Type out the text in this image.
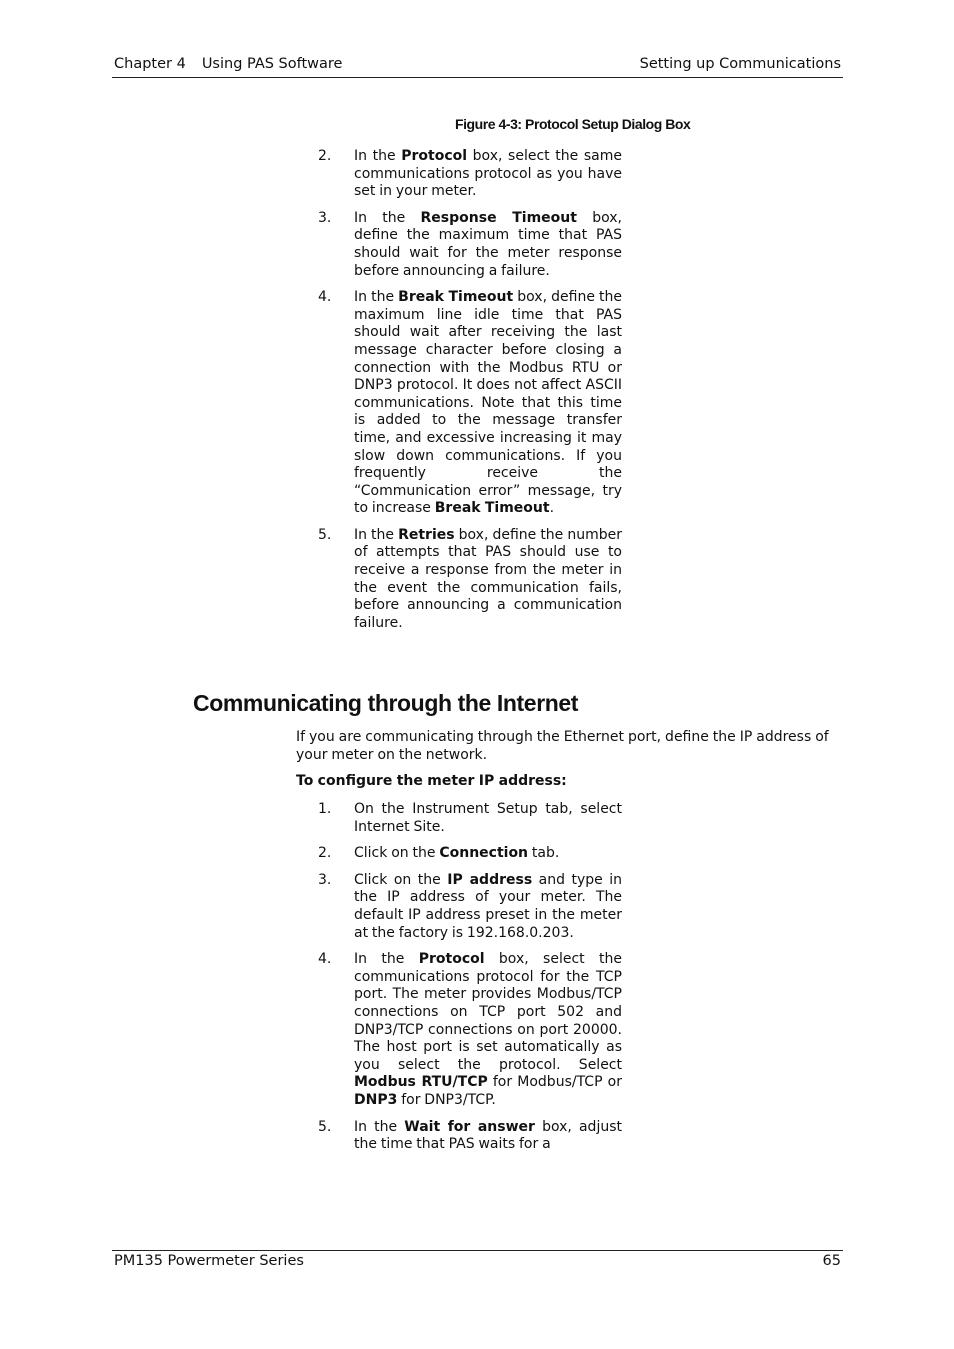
Chapter 4 Using PAS Software	Setting up Communications
Figure 4-3: Protocol Setup Dialog Box
2. In the Protocol box, select the same communications protocol as you have set in your meter.
3. In the Response Timeout box, define the maximum time that PAS should wait for the meter response before announcing a failure.
4. In the Break Timeout box, define the maximum line idle time that PAS should wait after receiving the last message character before closing a connection with the Modbus RTU or DNP3 protocol. It does not affect ASCII communications. Note that this time is added to the message transfer time, and excessive increasing it may slow down communications. If you frequently receive the “Communication error” message, try to increase Break Timeout.
5. In the Retries box, define the number of attempts that PAS should use to receive a response from the meter in the event the communication fails, before announcing a communication failure.
Communicating through the Internet
If you are communicating through the Ethernet port, define the IP address of your meter on the network.
To configure the meter IP address:
1. On the Instrument Setup tab, select Internet Site.
2. Click on the Connection tab.
3. Click on the IP address and type in the IP address of your meter. The default IP address preset in the meter at the factory is 192.168.0.203.
4. In the Protocol box, select the communications protocol for the TCP port. The meter provides Modbus/TCP connections on TCP port 502 and DNP3/TCP connections on port 20000. The host port is set automatically as you select the protocol. Select Modbus RTU/TCP for Modbus/TCP or DNP3 for DNP3/TCP.
5. In the Wait for answer box, adjust the time that PAS waits for a
PM135 Powermeter Series	65
